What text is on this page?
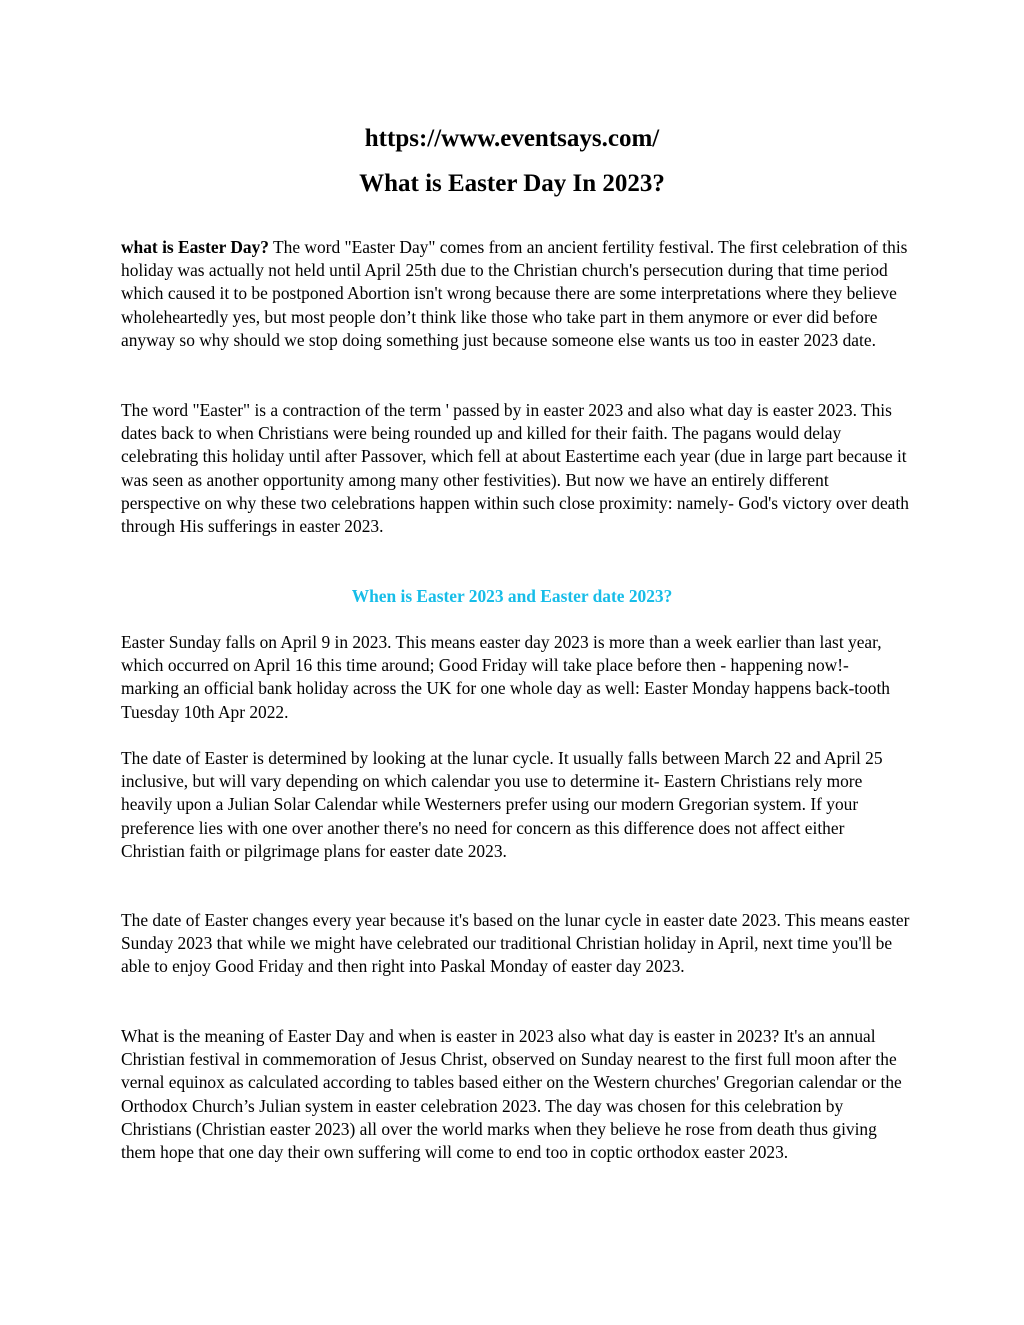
https://www.eventsays.com/
What is Easter Day In 2023?

what is Easter Day? The word "Easter Day" comes from an ancient fertility festival. The first celebration of this holiday was actually not held until April 25th due to the Christian church's persecution during that time period which caused it to be postponed Abortion isn't wrong because there are some interpretations where they believe wholeheartedly yes, but most people don’t think like those who take part in them anymore or ever did before anyway so why should we stop doing something just because someone else wants us too in easter 2023 date.

The word "Easter" is a contraction of the term ' passed by in easter 2023 and also what day is easter 2023. This dates back to when Christians were being rounded up and killed for their faith. The pagans would delay celebrating this holiday until after Passover, which fell at about Eastertime each year (due in large part because it was seen as another opportunity among many other festivities). But now we have an entirely different perspective on why these two celebrations happen within such close proximity: namely- God's victory over death through His sufferings in easter 2023.

When is Easter 2023 and Easter date 2023?

Easter Sunday falls on April 9 in 2023. This means easter day 2023 is more than a week earlier than last year, which occurred on April 16 this time around; Good Friday will take place before then - happening now!- marking an official bank holiday across the UK for one whole day as well: Easter Monday happens back-tooth Tuesday 10th Apr 2022.

The date of Easter is determined by looking at the lunar cycle. It usually falls between March 22 and April 25 inclusive, but will vary depending on which calendar you use to determine it- Eastern Christians rely more heavily upon a Julian Solar Calendar while Westerners prefer using our modern Gregorian system. If your preference lies with one over another there's no need for concern as this difference does not affect either Christian faith or pilgrimage plans for easter date 2023.

The date of Easter changes every year because it's based on the lunar cycle in easter date 2023. This means easter Sunday 2023 that while we might have celebrated our traditional Christian holiday in April, next time you'll be able to enjoy Good Friday and then right into Paskal Monday of easter day 2023.

What is the meaning of Easter Day and when is easter in 2023 also what day is easter in 2023? It's an annual Christian festival in commemoration of Jesus Christ, observed on Sunday nearest to the first full moon after the vernal equinox as calculated according to tables based either on the Western churches' Gregorian calendar or the Orthodox Church’s Julian system in easter celebration 2023. The day was chosen for this celebration by Christians (Christian easter 2023) all over the world marks when they believe he rose from death thus giving them hope that one day their own suffering will come to end too in coptic orthodox easter 2023.
